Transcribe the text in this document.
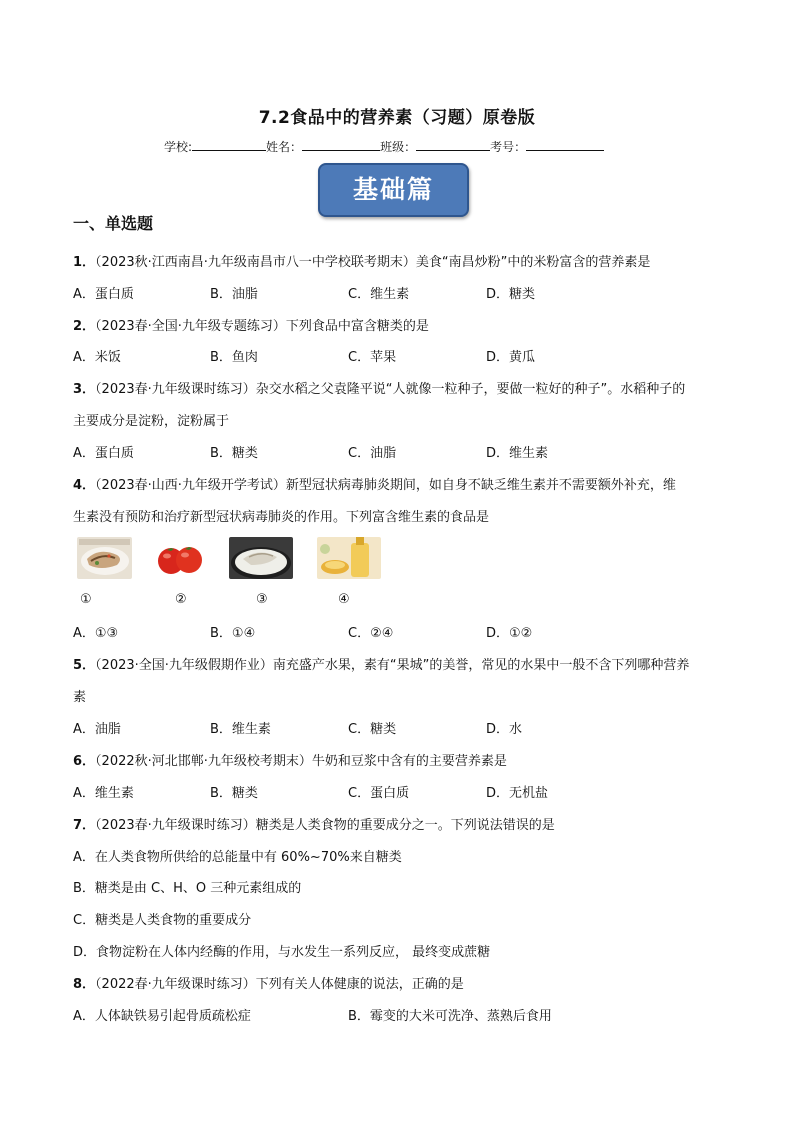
7.2食品中的营养素（习题）原卷版
学校:	姓名：	班级：	考号：
基础篇
一、单选题
1．（2023秋·江西南昌·九年级南昌市八一中学校联考期末）美食“南昌炒粉”中的米粉富含的营养素是
A．蛋白质	B．油脂	C．维生素	D．糖类
2．（2023春·全国·九年级专题练习）下列食品中富含糖类的是
A．米饭	B．鱼肉	C．苹果	D．黄瓜
3．（2023春·九年级课时练习）杂交水稻之父袁隆平说“人就像一粒种子，要做一粒好的种子”。水稻种子的
主要成分是淀粉，淀粉属于
A．蛋白质	B．糖类	C．油脂	D．维生素
4．（2023春·山西·九年级开学考试）新型冠状病毒肺炎期间，如自身不缺乏维生素并不需要额外补充，维
生素没有预防和治疗新型冠状病毒肺炎的作用。下列富含维生素的食品是
①	②	③	④
A．①③	B．①④	C．②④	D．①②
5．（2023·全国·九年级假期作业）南充盛产水果，素有“果城”的美誉，常见的水果中一般不含下列哪种营养
素
A．油脂	B．维生素	C．糖类	D．水
6．（2022秋·河北邯郸·九年级校考期末）牛奶和豆浆中含有的主要营养素是
A．维生素	B．糖类	C．蛋白质	D．无机盐
7．（2023春·九年级课时练习）糖类是人类食物的重要成分之一。下列说法错误的是
A．在人类食物所供给的总能量中有 60%~70%来自糖类
B．糖类是由 C、H、O 三种元素组成的
C．糖类是人类食物的重要成分
D．食物淀粉在人体内经酶的作用，与水发生一系列反应， 最终变成蔗糖
8．（2022春·九年级课时练习）下列有关人体健康的说法，正确的是
A．人体缺铁易引起骨质疏松症	B．霉变的大米可洗净、蒸熟后食用
